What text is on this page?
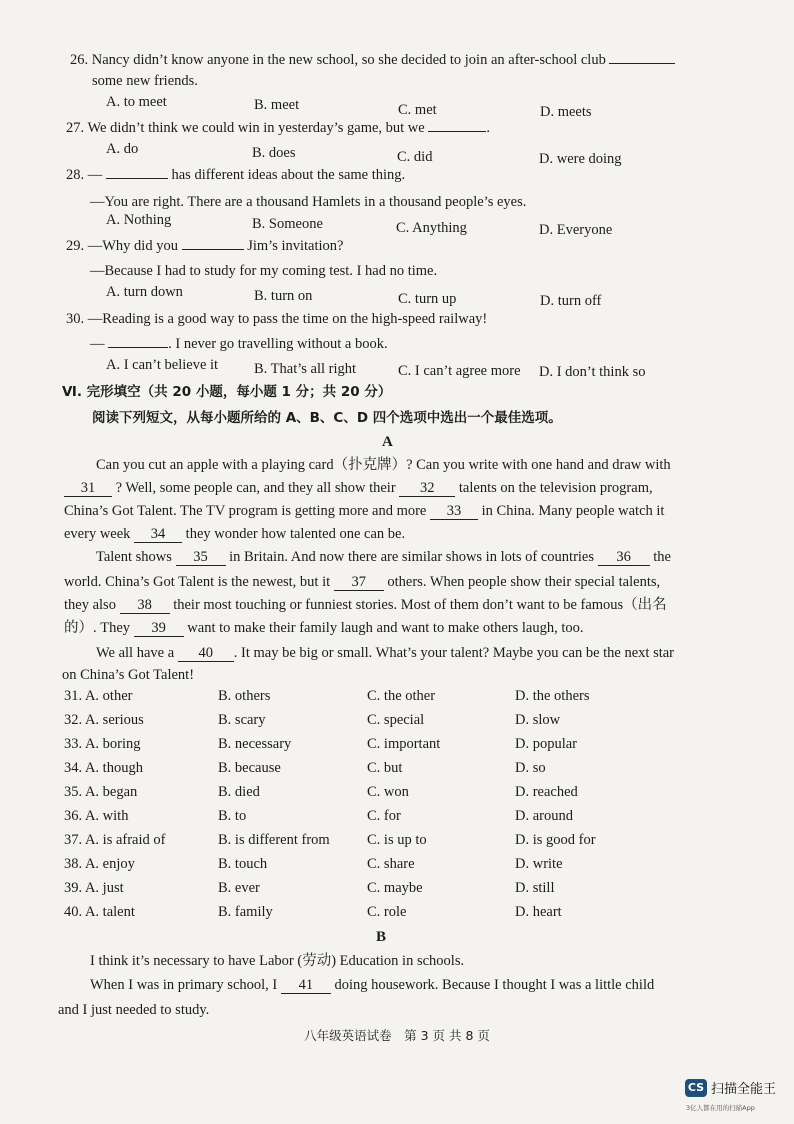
26. Nancy didn’t know anyone in the new school, so she decided to join an after-school club
some new friends.
A. to meet	B. meet	C. met	D. meets
27. We didn’t think we could win in yesterday’s game, but we	.
A. do	B. does	C. did	D. were doing
28. —	has different ideas about the same thing.
—You are right. There are a thousand Hamlets in a thousand people’s eyes.
A. Nothing	B. Someone	C. Anything	D. Everyone
29. —Why did you	Jim’s invitation?
—Because I had to study for my coming test. I had no time.
A. turn down	B. turn on	C. turn up	D. turn off
30. —Reading is a good way to pass the time on the high-speed railway!
—	. I never go travelling without a book.
A. I can’t believe it B. That’s all right	C. I can’t agree more D. I don’t think so
Ⅵ. 完形填空（共 20 小题，每小题 1 分；共 20 分）
阅读下列短文，从每小题所给的 A、B、C、D 四个选项中选出一个最佳选项。
A
Can you cut an apple with a playing card（扑克牌）? Can you write with one hand and draw with
31 ? Well, some people can, and they all show their 32 talents on the television program,
China’s Got Talent. The TV program is getting more and more 33 in China. Many people watch it
every week 34 they wonder how talented one can be.
Talent shows 35 in Britain. And now there are similar shows in lots of countries 36 the
world. China’s Got Talent is the newest, but it 37 others. When people show their special talents,
they also 38 their most touching or funniest stories. Most of them don’t want to be famous（出名
的）. They 39 want to make their family laugh and want to make others laugh, too.
We all have a 40 . It may be big or small. What’s your talent? Maybe you can be the next star
on China’s Got Talent!
31. A. other	B. others	C. the other	D. the others
32. A. serious	B. scary	C. special	D. slow
33. A. boring	B. necessary	C. important	D. popular
34. A. though	B. because	C. but	D. so
35. A. began	B. died	C. won	D. reached
36. A. with	B. to	C. for	D. around
37. A. is afraid of	B. is different from	C. is up to	D. is good for
38. A. enjoy	B. touch	C. share	D. write
39. A. just	B. ever	C. maybe	D. still
40. A. talent	B. family	C. role	D. heart
B
I think it’s necessary to have Labor (劳动) Education in schools.
When I was in primary school, I 41 doing housework. Because I thought I was a little child
and I just needed to study.
八年级英语试卷　第 3 页 共 8 页
CS 扫描全能王
3亿人都在用的扫描App
